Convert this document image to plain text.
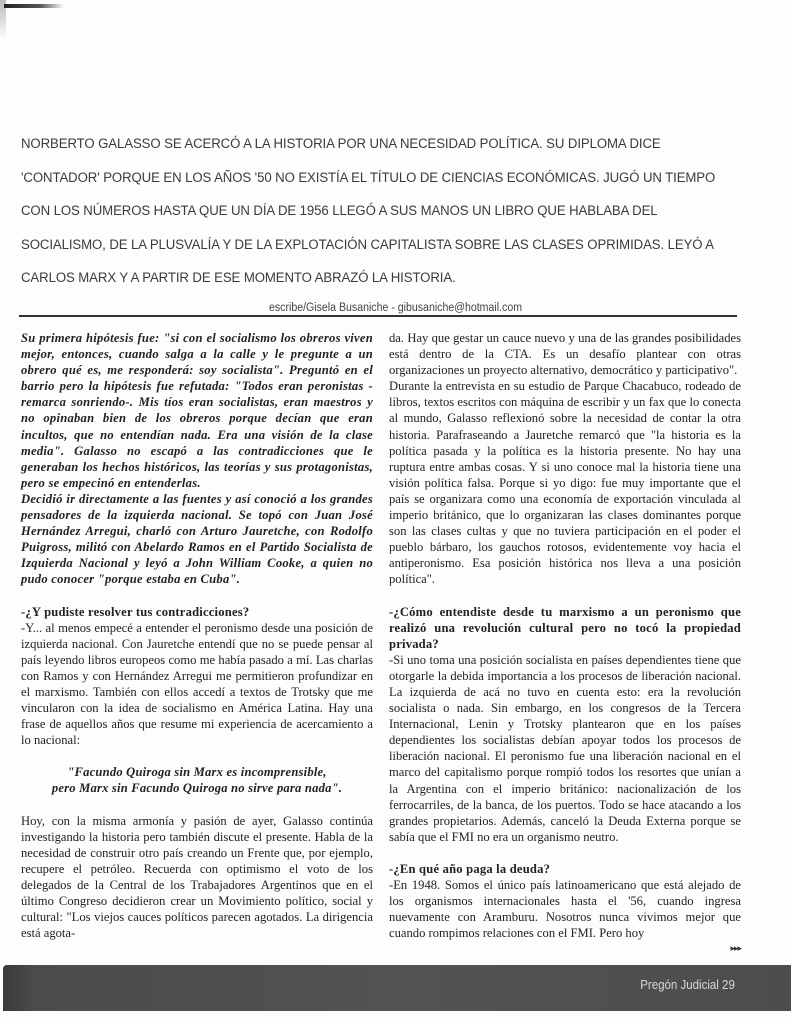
NORBERTO GALASSO SE ACERCÓ A LA HISTORIA POR UNA NECESIDAD POLÍTICA. SU DIPLOMA DICE

'CONTADOR' PORQUE EN LOS AÑOS '50 NO EXISTÍA EL TÍTULO DE CIENCIAS ECONÓMICAS. JUGÓ UN TIEMPO

CON LOS NÚMEROS HASTA QUE UN DÍA DE 1956 LLEGÓ A SUS MANOS UN LIBRO QUE HABLABA DEL

SOCIALISMO, DE LA PLUSVALÍA Y DE LA EXPLOTACIÓN CAPITALISTA SOBRE LAS CLASES OPRIMIDAS. LEYÓ A

CARLOS MARX Y A PARTIR DE ESE MOMENTO ABRAZÓ LA HISTORIA.

escribe/Gisela Busaniche - gibusaniche@hotmail.com

Su primera hipótesis fue: "si con el socialismo los obreros viven mejor, entonces, cuando salga a la calle y le pregunte a un obrero qué es, me responderá: soy socialista". Preguntó en el barrio pero la hipótesis fue refutada: "Todos eran peronistas -remarca sonriendo-. Mis tíos eran socialistas, eran maestros y no opinaban bien de los obreros porque decían que eran incultos, que no entendían nada. Era una visión de la clase media". Galasso no escapó a las contradicciones que le generaban los hechos históricos, las teorías y sus protagonistas, pero se empecinó en entenderlas.

Decidió ir directamente a las fuentes y así conoció a los grandes pensadores de la izquierda nacional. Se topó con Juan José Hernández Arregui, charló con Arturo Jauretche, con Rodolfo Puigross, militó con Abelardo Ramos en el Partido Socialista de Izquierda Nacional y leyó a John William Cooke, a quien no pudo conocer "porque estaba en Cuba".

-¿Y pudiste resolver tus contradicciones?

-Y... al menos empecé a entender el peronismo desde una posición de izquierda nacional. Con Jauretche entendí que no se puede pensar al país leyendo libros europeos como me había pasado a mí. Las charlas con Ramos y con Hernández Arregui me permitieron profundizar en el marxismo. También con ellos accedí a textos de Trotsky que me vincularon con la idea de socialismo en América Latina. Hay una frase de aquellos años que resume mi experiencia de acercamiento a lo nacional:

"Facundo Quiroga sin Marx es incomprensible,

pero Marx sin Facundo Quiroga no sirve para nada".

Hoy, con la misma armonía y pasión de ayer, Galasso continúa investigando la historia pero también discute el presente. Habla de la necesidad de construir otro país creando un Frente que, por ejemplo, recupere el petróleo. Recuerda con optimismo el voto de los delegados de la Central de los Trabajadores Argentinos que en el último Congreso decidieron crear un Movimiento político, social y cultural: "Los viejos cauces políticos parecen agotados. La dirigencia está agota-

da. Hay que gestar un cauce nuevo y una de las grandes posibilidades está dentro de la CTA. Es un desafío plantear con otras organizaciones un proyecto alternativo, democrático y participativo".

Durante la entrevista en su estudio de Parque Chacabuco, rodeado de libros, textos escritos con máquina de escribir y un fax que lo conecta al mundo, Galasso reflexionó sobre la necesidad de contar la otra historia. Parafraseando a Jauretche remarcó que "la historia es la política pasada y la política es la historia presente. No hay una ruptura entre ambas cosas. Y si uno conoce mal la historia tiene una visión política falsa. Porque si yo digo: fue muy importante que el país se organizara como una economía de exportación vinculada al imperio británico, que lo organizaran las clases dominantes porque son las clases cultas y que no tuviera participación en el poder el pueblo bárbaro, los gauchos rotosos, evidentemente voy hacia el antiperonismo. Esa posición histórica nos lleva a una posición política".

-¿Cómo entendiste desde tu marxismo a un peronismo que realizó una revolución cultural pero no tocó la propiedad privada?

-Si uno toma una posición socialista en países dependientes tiene que otorgarle la debida importancia a los procesos de liberación nacional. La izquierda de acá no tuvo en cuenta esto: era la revolución socialista o nada. Sin embargo, en los congresos de la Tercera Internacional, Lenin y Trotsky plantearon que en los países dependientes los socialistas debían apoyar todos los procesos de liberación nacional. El peronismo fue una liberación nacional en el marco del capitalismo porque rompió todos los resortes que unían a la Argentina con el imperio británico: nacionalización de los ferrocarriles, de la banca, de los puertos. Todo se hace atacando a los grandes propietarios. Además, canceló la Deuda Externa porque se sabía que el FMI no era un organismo neutro.

-¿En qué año paga la deuda?

-En 1948. Somos el único país latinoamericano que está alejado de los organismos internacionales hasta el '56, cuando ingresa nuevamente con Aramburu. Nosotros nunca vivimos mejor que cuando rompimos relaciones con el FMI. Pero hoy

▸▸▸
Pregón Judicial 29
